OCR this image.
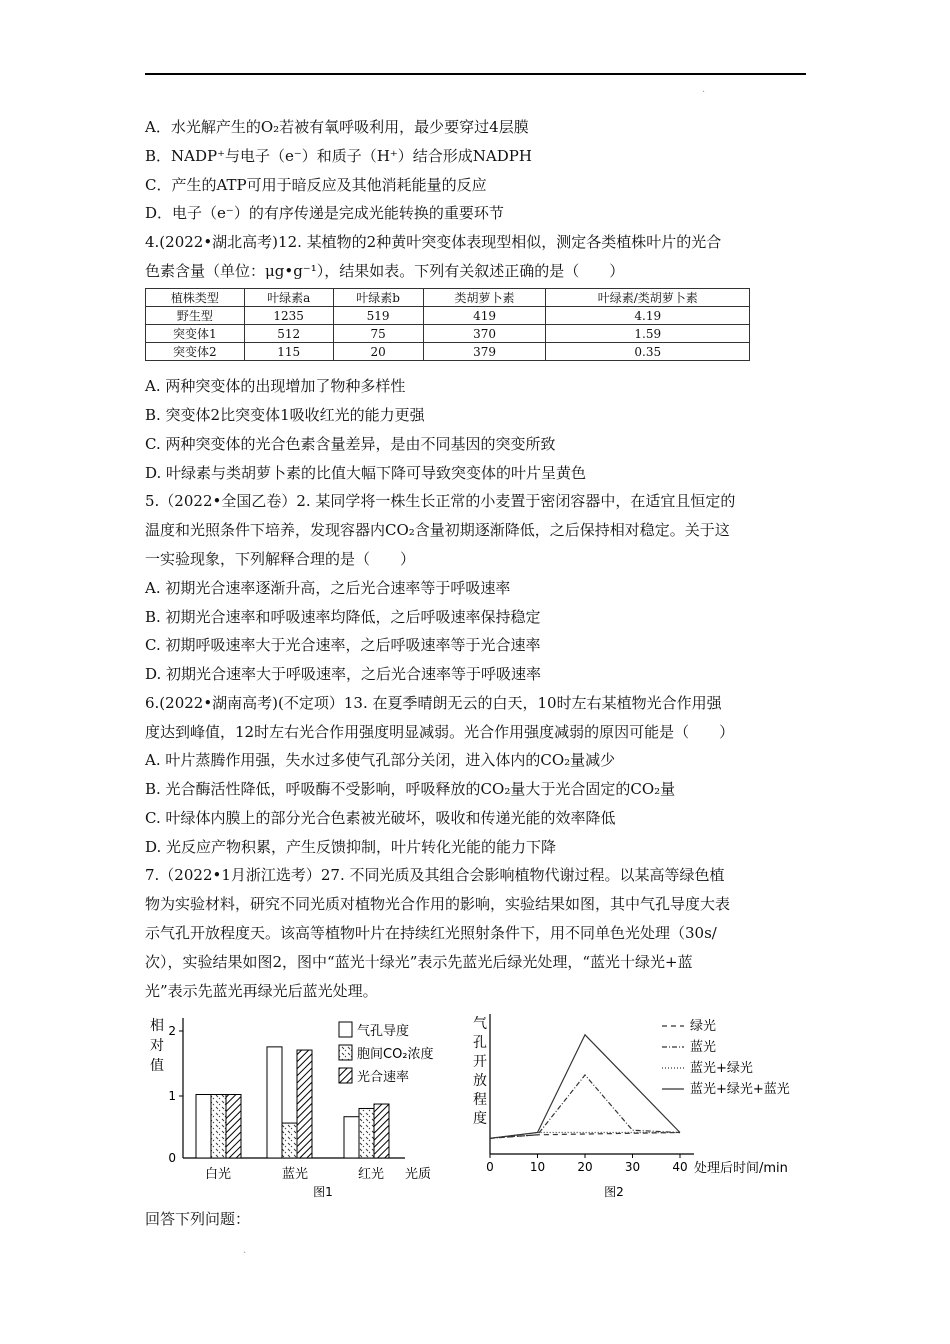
.
A．水光解产生的O₂若被有氧呼吸利用，最少要穿过4层膜
B．NADP⁺与电子（e⁻）和质子（H⁺）结合形成NADPH
C．产生的ATP可用于暗反应及其他消耗能量的反应
D．电子（e⁻）的有序传递是完成光能转换的重要环节
4.(2022•湖北高考)12. 某植物的2种黄叶突变体表现型相似，测定各类植株叶片的光合
色素含量（单位：μg•g⁻¹），结果如表。下列有关叙述正确的是（　　）
植株类型	叶绿素a	叶绿素b	类胡萝卜素	叶绿素/类胡萝卜素
野生型	1235	519	419	4.19
突变体1	512	75	370	1.59
突变体2	115	20	379	0.35
A. 两种突变体的出现增加了物种多样性
B. 突变体2比突变体1吸收红光的能力更强
C. 两种突变体的光合色素含量差异，是由不同基因的突变所致
D. 叶绿素与类胡萝卜素的比值大幅下降可导致突变体的叶片呈黄色
5.（2022•全国乙卷）2. 某同学将一株生长正常的小麦置于密闭容器中，在适宜且恒定的
温度和光照条件下培养，发现容器内CO₂含量初期逐渐降低，之后保持相对稳定。关于这
一实验现象，下列解释合理的是（　　）
A. 初期光合速率逐渐升高，之后光合速率等于呼吸速率
B. 初期光合速率和呼吸速率均降低，之后呼吸速率保持稳定
C. 初期呼吸速率大于光合速率，之后呼吸速率等于光合速率
D. 初期光合速率大于呼吸速率，之后光合速率等于呼吸速率
6.(2022•湖南高考)(不定项）13. 在夏季晴朗无云的白天，10时左右某植物光合作用强
度达到峰值，12时左右光合作用强度明显减弱。光合作用强度减弱的原因可能是（　　）
A. 叶片蒸腾作用强，失水过多使气孔部分关闭，进入体内的CO₂量减少
B. 光合酶活性降低，呼吸酶不受影响，呼吸释放的CO₂量大于光合固定的CO₂量
C. 叶绿体内膜上的部分光合色素被光破坏，吸收和传递光能的效率降低
D. 光反应产物积累，产生反馈抑制，叶片转化光能的能力下降
7.（2022•1月浙江选考）27. 不同光质及其组合会影响植物代谢过程。以某高等绿色植
物为实验材料，研究不同光质对植物光合作用的影响，实验结果如图，其中气孔导度大表
示气孔开放程度天。该高等植物叶片在持续红光照射条件下，用不同单色光处理（30s/
次），实验结果如图2，图中“蓝光十绿光”表示先蓝光后绿光处理，“蓝光十绿光+蓝
光”表示先蓝光再绿光后蓝光处理。
相
对
值
0
1
2
白光	蓝光	红光 光质
图1
气孔导度
胞间CO₂浓度
光合速率
气
孔
开
放
程
度
0	10	20	30	40 处理后时间/min
图2
绿光
蓝光
蓝光+绿光
蓝光+绿光+蓝光
回答下列问题：
.
